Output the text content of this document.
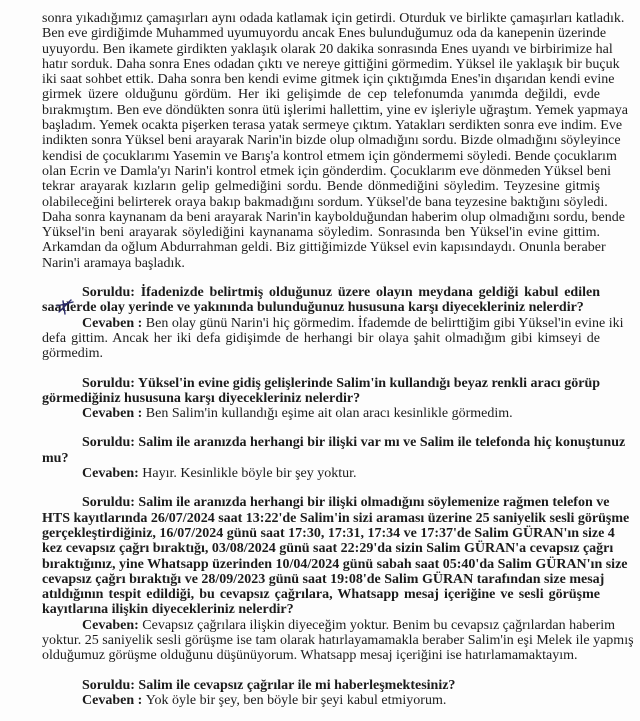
sonra yıkadığımız çamaşırları aynı odada katlamak için getirdi. Oturduk ve birlikte çamaşırları katladık.
Ben eve girdiğimde Muhammed uyumuyordu ancak Enes bulunduğumuz oda da kanepenin üzerinde
uyuyordu. Ben ikamete girdikten yaklaşık olarak 20 dakika sonrasında Enes uyandı ve birbirimize hal
hatır sorduk. Daha sonra Enes odadan çıktı ve nereye gittiğini görmedim. Yüksel ile yaklaşık bir buçuk
iki saat sohbet ettik. Daha sonra ben kendi evime gitmek için çıktığımda Enes'in dışarıdan kendi evine
girmek üzere olduğunu gördüm. Her iki gelişimde de cep telefonumda yanımda değildi, evde
bırakmıştım. Ben eve döndükten sonra ütü işlerimi hallettim, yine ev işleriyle uğraştım. Yemek yapmaya
başladım. Yemek ocakta pişerken terasa yatak sermeye çıktım. Yatakları serdikten sonra eve indim. Eve
indikten sonra Yüksel beni arayarak Narin'in bizde olup olmadığını sordu. Bizde olmadığını söyleyince
kendisi de çocuklarımı Yasemin ve Barış'a kontrol etmem için göndermemi söyledi. Bende çocuklarım
olan Ecrin ve Damla'yı Narin'i kontrol etmek için gönderdim. Çocuklarım eve dönmeden Yüksel beni
tekrar arayarak kızların gelip gelmediğini sordu. Bende dönmediğini söyledim. Teyzesine gitmiş
olabileceğini belirterek oraya bakıp bakmadığını sordum. Yüksel'de bana teyzesine baktığını söyledi.
Daha sonra kaynanam da beni arayarak Narin'in kaybolduğundan haberim olup olmadığını sordu, bende
Yüksel'in beni arayarak söylediğini kaynanama söyledim. Sonrasında ben Yüksel'in evine gittim.
Arkamdan da oğlum Abdurrahman geldi. Biz gittiğimizde Yüksel evin kapısındaydı. Onunla beraber
Narin'i aramaya başladık.
Soruldu: İfadenizde belirtmiş olduğunuz üzere olayın meydana geldiği kabul edilen
saatlerde olay yerinde ve yakınında bulunduğunuz hususuna karşı diyecekleriniz nelerdir?
Cevaben : Ben olay günü Narin'i hiç görmedim. İfademde de belirttiğim gibi Yüksel'in evine iki
defa gittim. Ancak her iki defa gidişimde de herhangi bir olaya şahit olmadığım gibi kimseyi de
görmedim.
Soruldu: Yüksel'in evine gidiş gelişlerinde Salim'in kullandığı beyaz renkli aracı görüp
görmediğiniz hususuna karşı diyecekleriniz nelerdir?
Cevaben : Ben Salim'in kullandığı eşime ait olan aracı kesinlikle görmedim.
Soruldu: Salim ile aranızda herhangi bir ilişki var mı ve Salim ile telefonda hiç konuştunuz
mu?
Cevaben: Hayır. Kesinlikle böyle bir şey yoktur.
Soruldu: Salim ile aranızda herhangi bir ilişki olmadığını söylemenize rağmen telefon ve
HTS kayıtlarında 26/07/2024 saat 13:22'de Salim'in sizi araması üzerine 25 saniyelik sesli görüşme
gerçekleştirdiğiniz, 16/07/2024 günü saat 17:30, 17:31, 17:34 ve 17:37'de Salim GÜRAN'ın size 4
kez cevapsız çağrı bıraktığı, 03/08/2024 günü saat 22:29'da sizin Salim GÜRAN'a cevapsız çağrı
bıraktığınız, yine Whatsapp üzerinden 10/04/2024 günü sabah saat 05:40'da Salim GÜRAN'ın size
cevapsız çağrı bıraktığı ve 28/09/2023 günü saat 19:08'de Salim GÜRAN tarafından size mesaj
atıldığının tespit edildiği, bu cevapsız çağrılara, Whatsapp mesaj içeriğine ve sesli görüşme
kayıtlarına ilişkin diyecekleriniz nelerdir?
Cevaben: Cevapsız çağrılara ilişkin diyeceğim yoktur. Benim bu cevapsız çağrılardan haberim
yoktur. 25 saniyelik sesli görüşme ise tam olarak hatırlayamamakla beraber Salim'in eşi Melek ile yapmış
olduğumuz görüşme olduğunu düşünüyorum. Whatsapp mesaj içeriğini ise hatırlamamaktayım.
Soruldu: Salim ile cevapsız çağrılar ile mi haberleşmektesiniz?
Cevaben : Yok öyle bir şey, ben böyle bir şeyi kabul etmiyorum.
